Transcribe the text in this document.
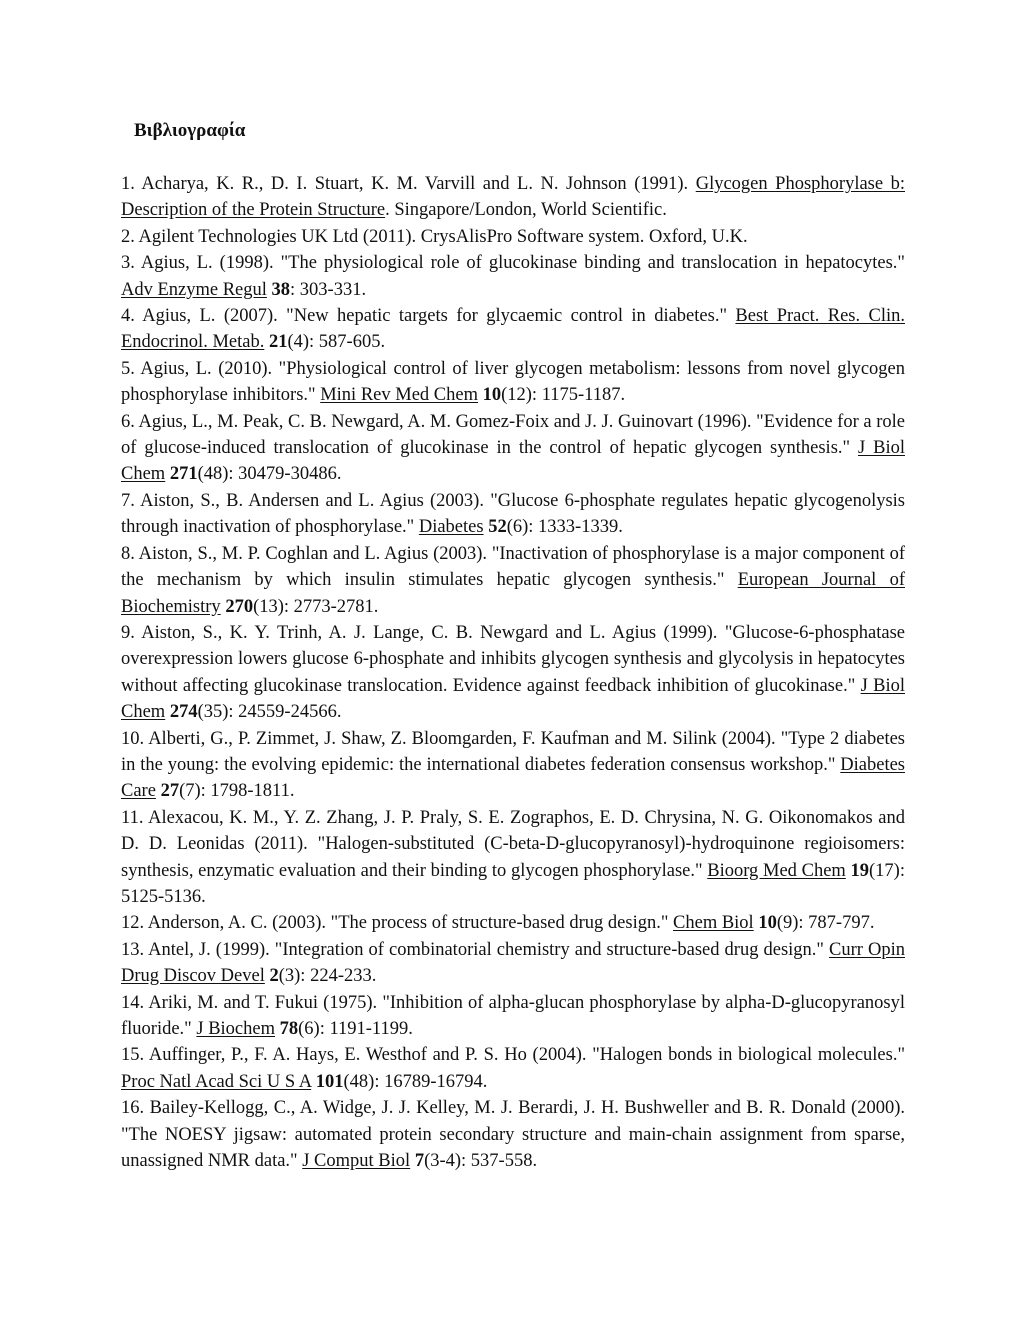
Βιβλιογραφία

1. Acharya, K. R., D. I. Stuart, K. M. Varvill and L. N. Johnson (1991). Glycogen Phosphorylase b: Description of the Protein Structure. Singapore/London, World Scientific.

2. Agilent Technologies UK Ltd (2011). CrysAlisPro Software system. Oxford, U.K.

3. Agius, L. (1998). "The physiological role of glucokinase binding and translocation in hepatocytes." Adv Enzyme Regul 38: 303-331.

4. Agius, L. (2007). "New hepatic targets for glycaemic control in diabetes." Best Pract. Res. Clin. Endocrinol. Metab. 21(4): 587-605.

5. Agius, L. (2010). "Physiological control of liver glycogen metabolism: lessons from novel glycogen phosphorylase inhibitors." Mini Rev Med Chem 10(12): 1175-1187.

6. Agius, L., M. Peak, C. B. Newgard, A. M. Gomez-Foix and J. J. Guinovart (1996). "Evidence for a role of glucose-induced translocation of glucokinase in the control of hepatic glycogen synthesis." J Biol Chem 271(48): 30479-30486.

7. Aiston, S., B. Andersen and L. Agius (2003). "Glucose 6-phosphate regulates hepatic glycogenolysis through inactivation of phosphorylase." Diabetes 52(6): 1333-1339.

8. Aiston, S., M. P. Coghlan and L. Agius (2003). "Inactivation of phosphorylase is a major component of the mechanism by which insulin stimulates hepatic glycogen synthesis." European Journal of Biochemistry 270(13): 2773-2781.

9. Aiston, S., K. Y. Trinh, A. J. Lange, C. B. Newgard and L. Agius (1999). "Glucose-6-phosphatase overexpression lowers glucose 6-phosphate and inhibits glycogen synthesis and glycolysis in hepatocytes without affecting glucokinase translocation. Evidence against feedback inhibition of glucokinase." J Biol Chem 274(35): 24559-24566.

10. Alberti, G., P. Zimmet, J. Shaw, Z. Bloomgarden, F. Kaufman and M. Silink (2004). "Type 2 diabetes in the young: the evolving epidemic: the international diabetes federation consensus workshop." Diabetes Care 27(7): 1798-1811.

11. Alexacou, K. M., Y. Z. Zhang, J. P. Praly, S. E. Zographos, E. D. Chrysina, N. G. Oikonomakos and D. D. Leonidas (2011). "Halogen-substituted (C-beta-D-glucopyranosyl)-hydroquinone regioisomers: synthesis, enzymatic evaluation and their binding to glycogen phosphorylase." Bioorg Med Chem 19(17): 5125-5136.

12. Anderson, A. C. (2003). "The process of structure-based drug design." Chem Biol 10(9): 787-797.

13. Antel, J. (1999). "Integration of combinatorial chemistry and structure-based drug design." Curr Opin Drug Discov Devel 2(3): 224-233.

14. Ariki, M. and T. Fukui (1975). "Inhibition of alpha-glucan phosphorylase by alpha-D-glucopyranosyl fluoride." J Biochem 78(6): 1191-1199.

15. Auffinger, P., F. A. Hays, E. Westhof and P. S. Ho (2004). "Halogen bonds in biological molecules." Proc Natl Acad Sci U S A 101(48): 16789-16794.

16. Bailey-Kellogg, C., A. Widge, J. J. Kelley, M. J. Berardi, J. H. Bushweller and B. R. Donald (2000). "The NOESY jigsaw: automated protein secondary structure and main-chain assignment from sparse, unassigned NMR data." J Comput Biol 7(3-4): 537-558.
